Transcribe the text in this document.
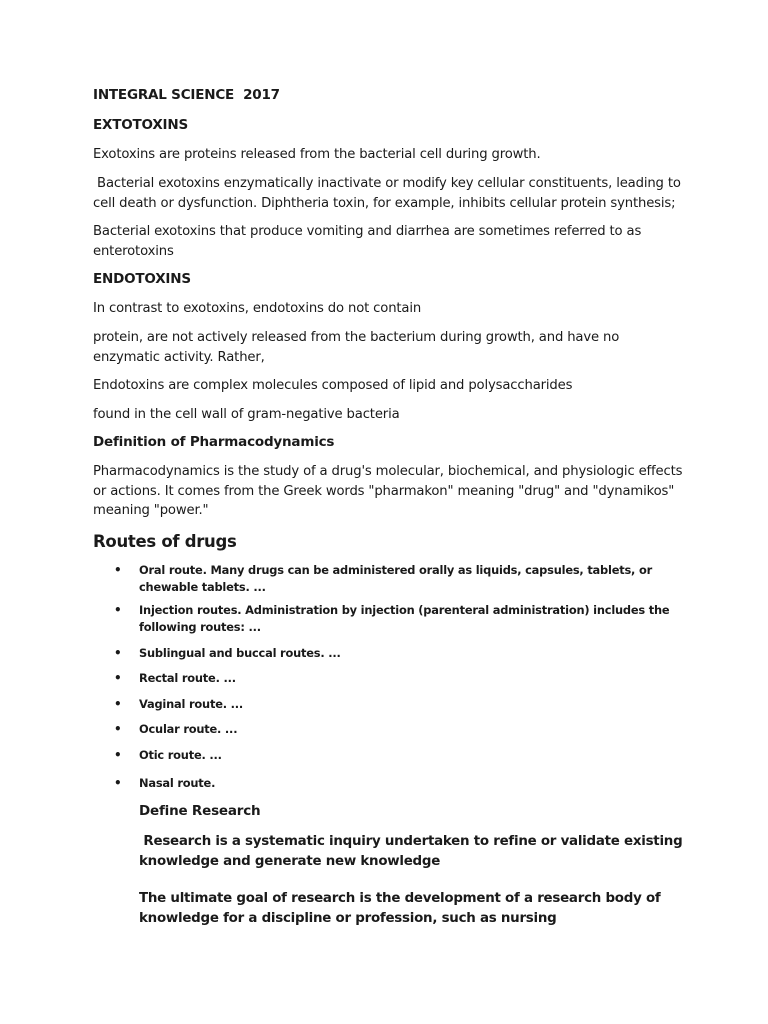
INTEGRAL SCIENCE  2017
EXTOTOXINS
Exotoxins are proteins released from the bacterial cell during growth.
Bacterial exotoxins enzymatically inactivate or modify key cellular constituents, leading to cell death or dysfunction. Diphtheria toxin, for example, inhibits cellular protein synthesis;
Bacterial exotoxins that produce vomiting and diarrhea are sometimes referred to as enterotoxins
ENDOTOXINS
In contrast to exotoxins, endotoxins do not contain
protein, are not actively released from the bacterium during growth, and have no enzymatic activity. Rather,
Endotoxins are complex molecules composed of lipid and polysaccharides
found in the cell wall of gram-negative bacteria
Definition of Pharmacodynamics
Pharmacodynamics is the study of a drug's molecular, biochemical, and physiologic effects or actions. It comes from the Greek words "pharmakon" meaning "drug" and "dynamikos" meaning "power."
Routes of drugs
• Oral route. Many drugs can be administered orally as liquids, capsules, tablets, or chewable tablets. ...
• Injection routes. Administration by injection (parenteral administration) includes the following routes: ...
• Sublingual and buccal routes. ...
• Rectal route. ...
• Vaginal route. ...
• Ocular route. ...
• Otic route. ...
• Nasal route.
Define Research
Research is a systematic inquiry undertaken to refine or validate existing knowledge and generate new knowledge
The ultimate goal of research is the development of a research body of knowledge for a discipline or profession, such as nursing
